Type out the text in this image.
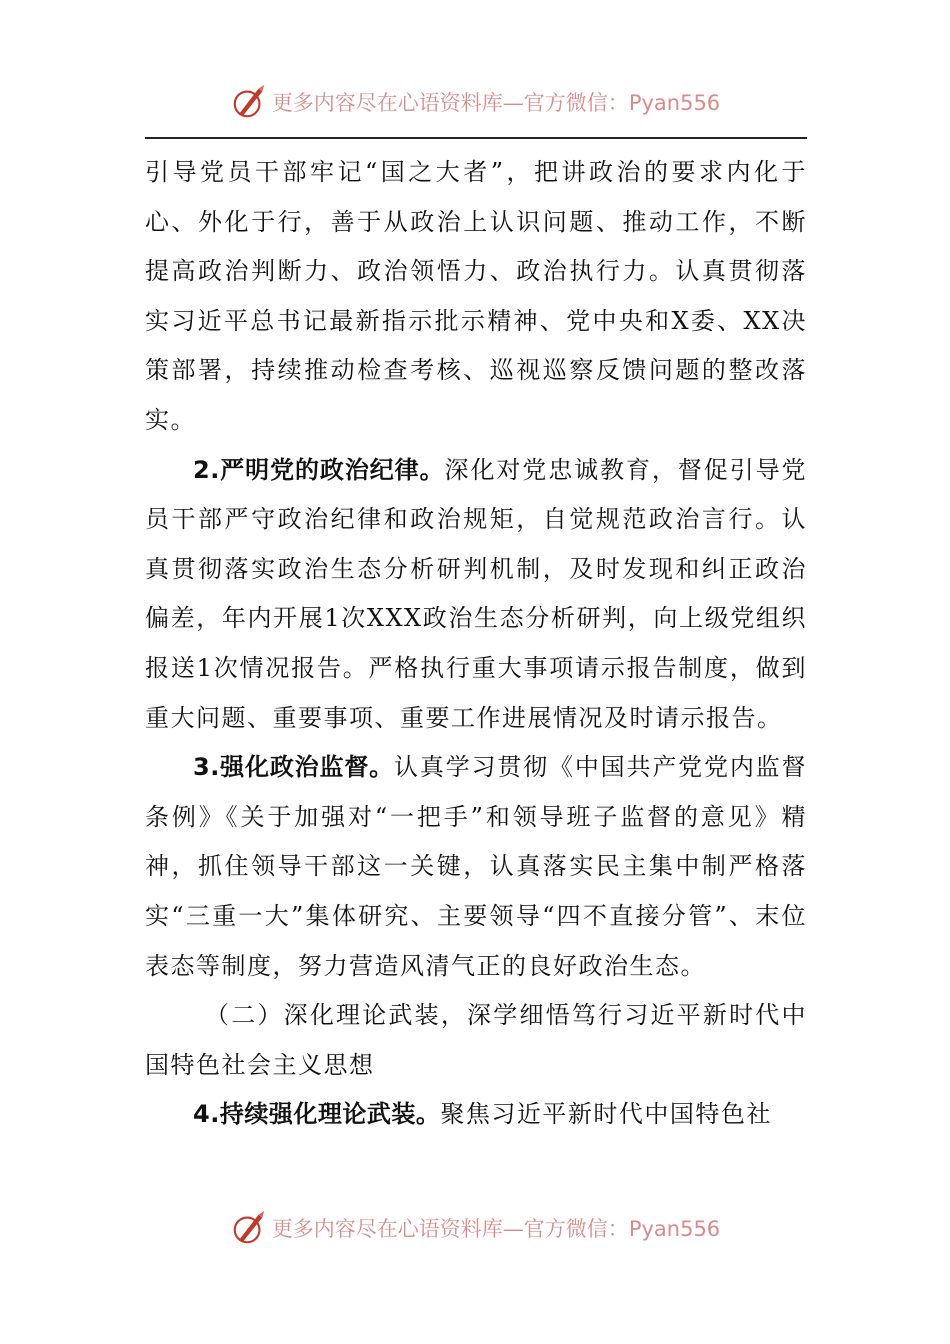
更多内容尽在心语资料库—官方微信：Pyan556

引导党员干部牢记“国之大者”，把讲政治的要求内化于心、外化于行，善于从政治上认识问题、推动工作，不断提高政治判断力、政治领悟力、政治执行力。认真贯彻落实习近平总书记最新指示批示精神、党中央和X委、XX决策部署，持续推动检查考核、巡视巡察反馈问题的整改落实。

2.严明党的政治纪律。深化对党忠诚教育，督促引导党员干部严守政治纪律和政治规矩，自觉规范政治言行。认真贯彻落实政治生态分析研判机制，及时发现和纠正政治偏差，年内开展1次XXX政治生态分析研判，向上级党组织报送1次情况报告。严格执行重大事项请示报告制度，做到重大问题、重要事项、重要工作进展情况及时请示报告。

3.强化政治监督。认真学习贯彻《中国共产党党内监督条例》《关于加强对“一把手”和领导班子监督的意见》精神，抓住领导干部这一关键，认真落实民主集中制严格落实“三重一大”集体研究、主要领导“四不直接分管”、末位表态等制度，努力营造风清气正的良好政治生态。

（二）深化理论武装，深学细悟笃行习近平新时代中国特色社会主义思想

4.持续强化理论武装。聚焦习近平新时代中国特色社

更多内容尽在心语资料库—官方微信：Pyan556
